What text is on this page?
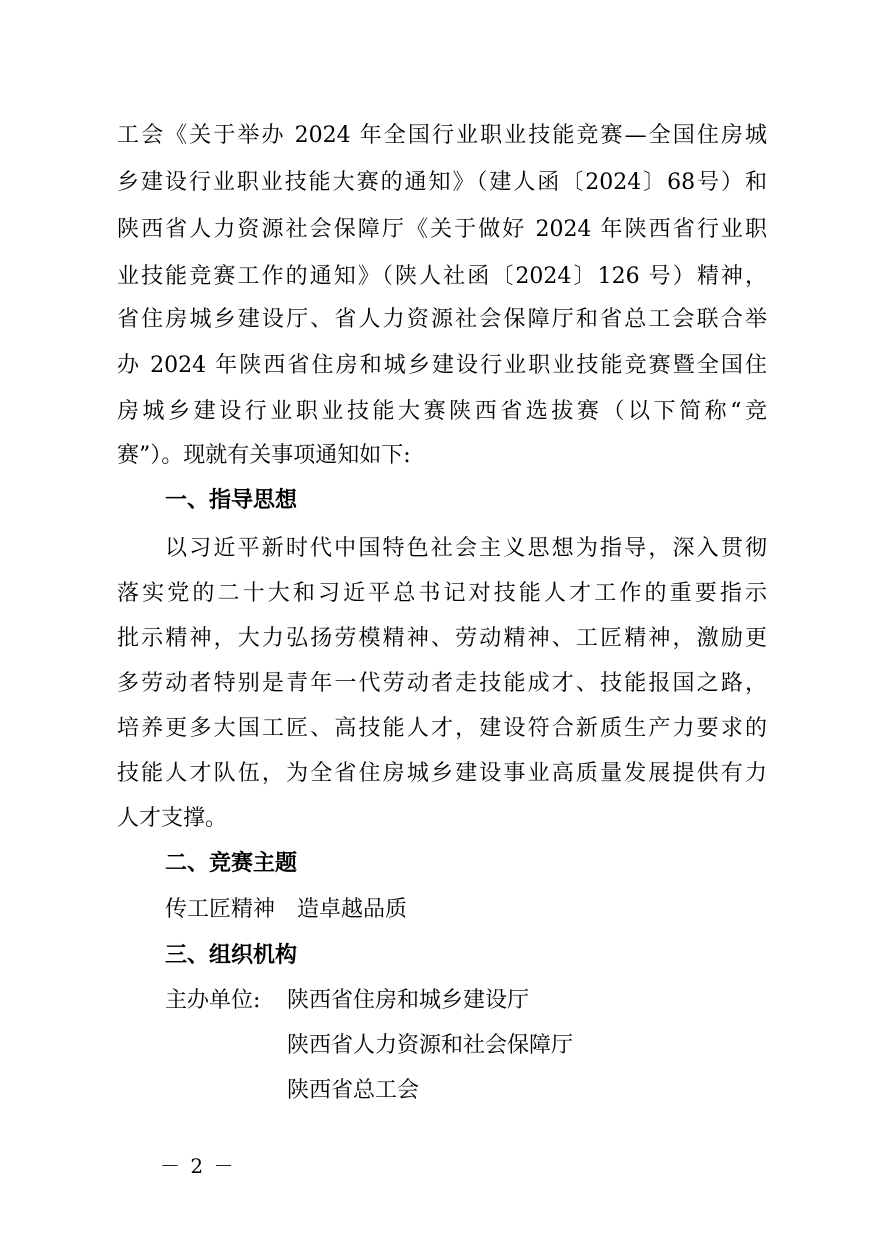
工会《关于举办 2024 年全国行业职业技能竞赛—全国住房城
乡建设行业职业技能大赛的通知》（建人函〔2024〕68号）和
陕西省人力资源社会保障厅《关于做好 2024 年陕西省行业职
业技能竞赛工作的通知》（陕人社函〔2024〕126 号）精神，
省住房城乡建设厅、省人力资源社会保障厅和省总工会联合举
办 2024 年陕西省住房和城乡建设行业职业技能竞赛暨全国住
房城乡建设行业职业技能大赛陕西省选拔赛（以下简称“竞
赛”）。现就有关事项通知如下:
一、指导思想
以习近平新时代中国特色社会主义思想为指导，深入贯彻
落实党的二十大和习近平总书记对技能人才工作的重要指示
批示精神，大力弘扬劳模精神、劳动精神、工匠精神，激励更
多劳动者特别是青年一代劳动者走技能成才、技能报国之路，
培养更多大国工匠、高技能人才，建设符合新质生产力要求的
技能人才队伍，为全省住房城乡建设事业高质量发展提供有力
人才支撑。
二、竞赛主题
传工匠精神　造卓越品质
三、组织机构
主办单位: 陕西省住房和城乡建设厅
陕西省人力资源和社会保障厅
陕西省总工会
－ 2 －
